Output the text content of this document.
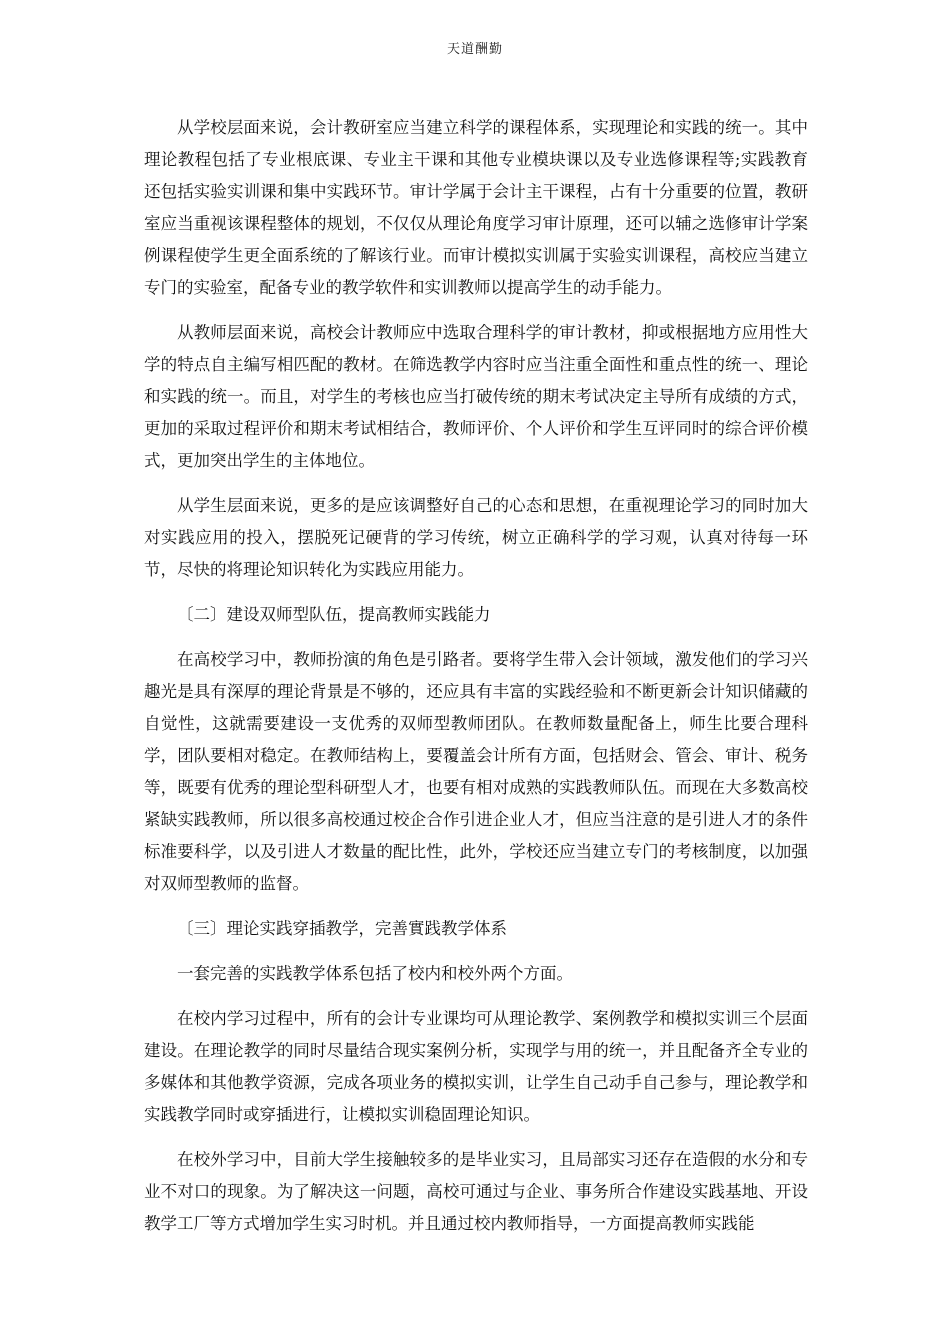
天道酬勤

从学校层面来说，会计教研室应当建立科学的课程体系，实现理论和实践的统一。其中理论教程包括了专业根底课、专业主干课和其他专业模块课以及专业选修课程等;实践教育还包括实验实训课和集中实践环节。审计学属于会计主干课程，占有十分重要的位置，教研室应当重视该课程整体的规划，不仅仅从理论角度学习审计原理，还可以辅之选修审计学案例课程使学生更全面系统的了解该行业。而审计模拟实训属于实验实训课程，高校应当建立专门的实验室，配备专业的教学软件和实训教师以提高学生的动手能力。

从教师层面来说，高校会计教师应中选取合理科学的审计教材，抑或根据地方应用性大学的特点自主编写相匹配的教材。在筛选教学内容时应当注重全面性和重点性的统一、理论和实践的统一。而且，对学生的考核也应当打破传统的期末考试决定主导所有成绩的方式，更加的采取过程评价和期末考试相结合，教师评价、个人评价和学生互评同时的综合评价模式，更加突出学生的主体地位。

从学生层面来说，更多的是应该调整好自己的心态和思想，在重视理论学习的同时加大对实践应用的投入，摆脱死记硬背的学习传统，树立正确科学的学习观，认真对待每一环节，尽快的将理论知识转化为实践应用能力。

〔二〕建设双师型队伍，提高教师实践能力

在高校学习中，教师扮演的角色是引路者。要将学生带入会计领域，激发他们的学习兴趣光是具有深厚的理论背景是不够的，还应具有丰富的实践经验和不断更新会计知识储藏的自觉性，这就需要建设一支优秀的双师型教师团队。在教师数量配备上，师生比要合理科学，团队要相对稳定。在教师结构上，要覆盖会计所有方面，包括财会、管会、审计、税务等，既要有优秀的理论型科研型人才，也要有相对成熟的实践教师队伍。而现在大多数高校紧缺实践教师，所以很多高校通过校企合作引进企业人才，但应当注意的是引进人才的条件标准要科学，以及引进人才数量的配比性，此外，学校还应当建立专门的考核制度，以加强对双师型教师的监督。

〔三〕理论实践穿插教学，完善實践教学体系

一套完善的实践教学体系包括了校内和校外两个方面。

在校内学习过程中，所有的会计专业课均可从理论教学、案例教学和模拟实训三个层面建设。在理论教学的同时尽量结合现实案例分析，实现学与用的统一，并且配备齐全专业的多媒体和其他教学资源，完成各项业务的模拟实训，让学生自己动手自己参与，理论教学和实践教学同时或穿插进行，让模拟实训稳固理论知识。

在校外学习中，目前大学生接触较多的是毕业实习，且局部实习还存在造假的水分和专业不对口的现象。为了解决这一问题，高校可通过与企业、事务所合作建设实践基地、开设教学工厂等方式增加学生实习时机。并且通过校内教师指导，一方面提高教师实践能
